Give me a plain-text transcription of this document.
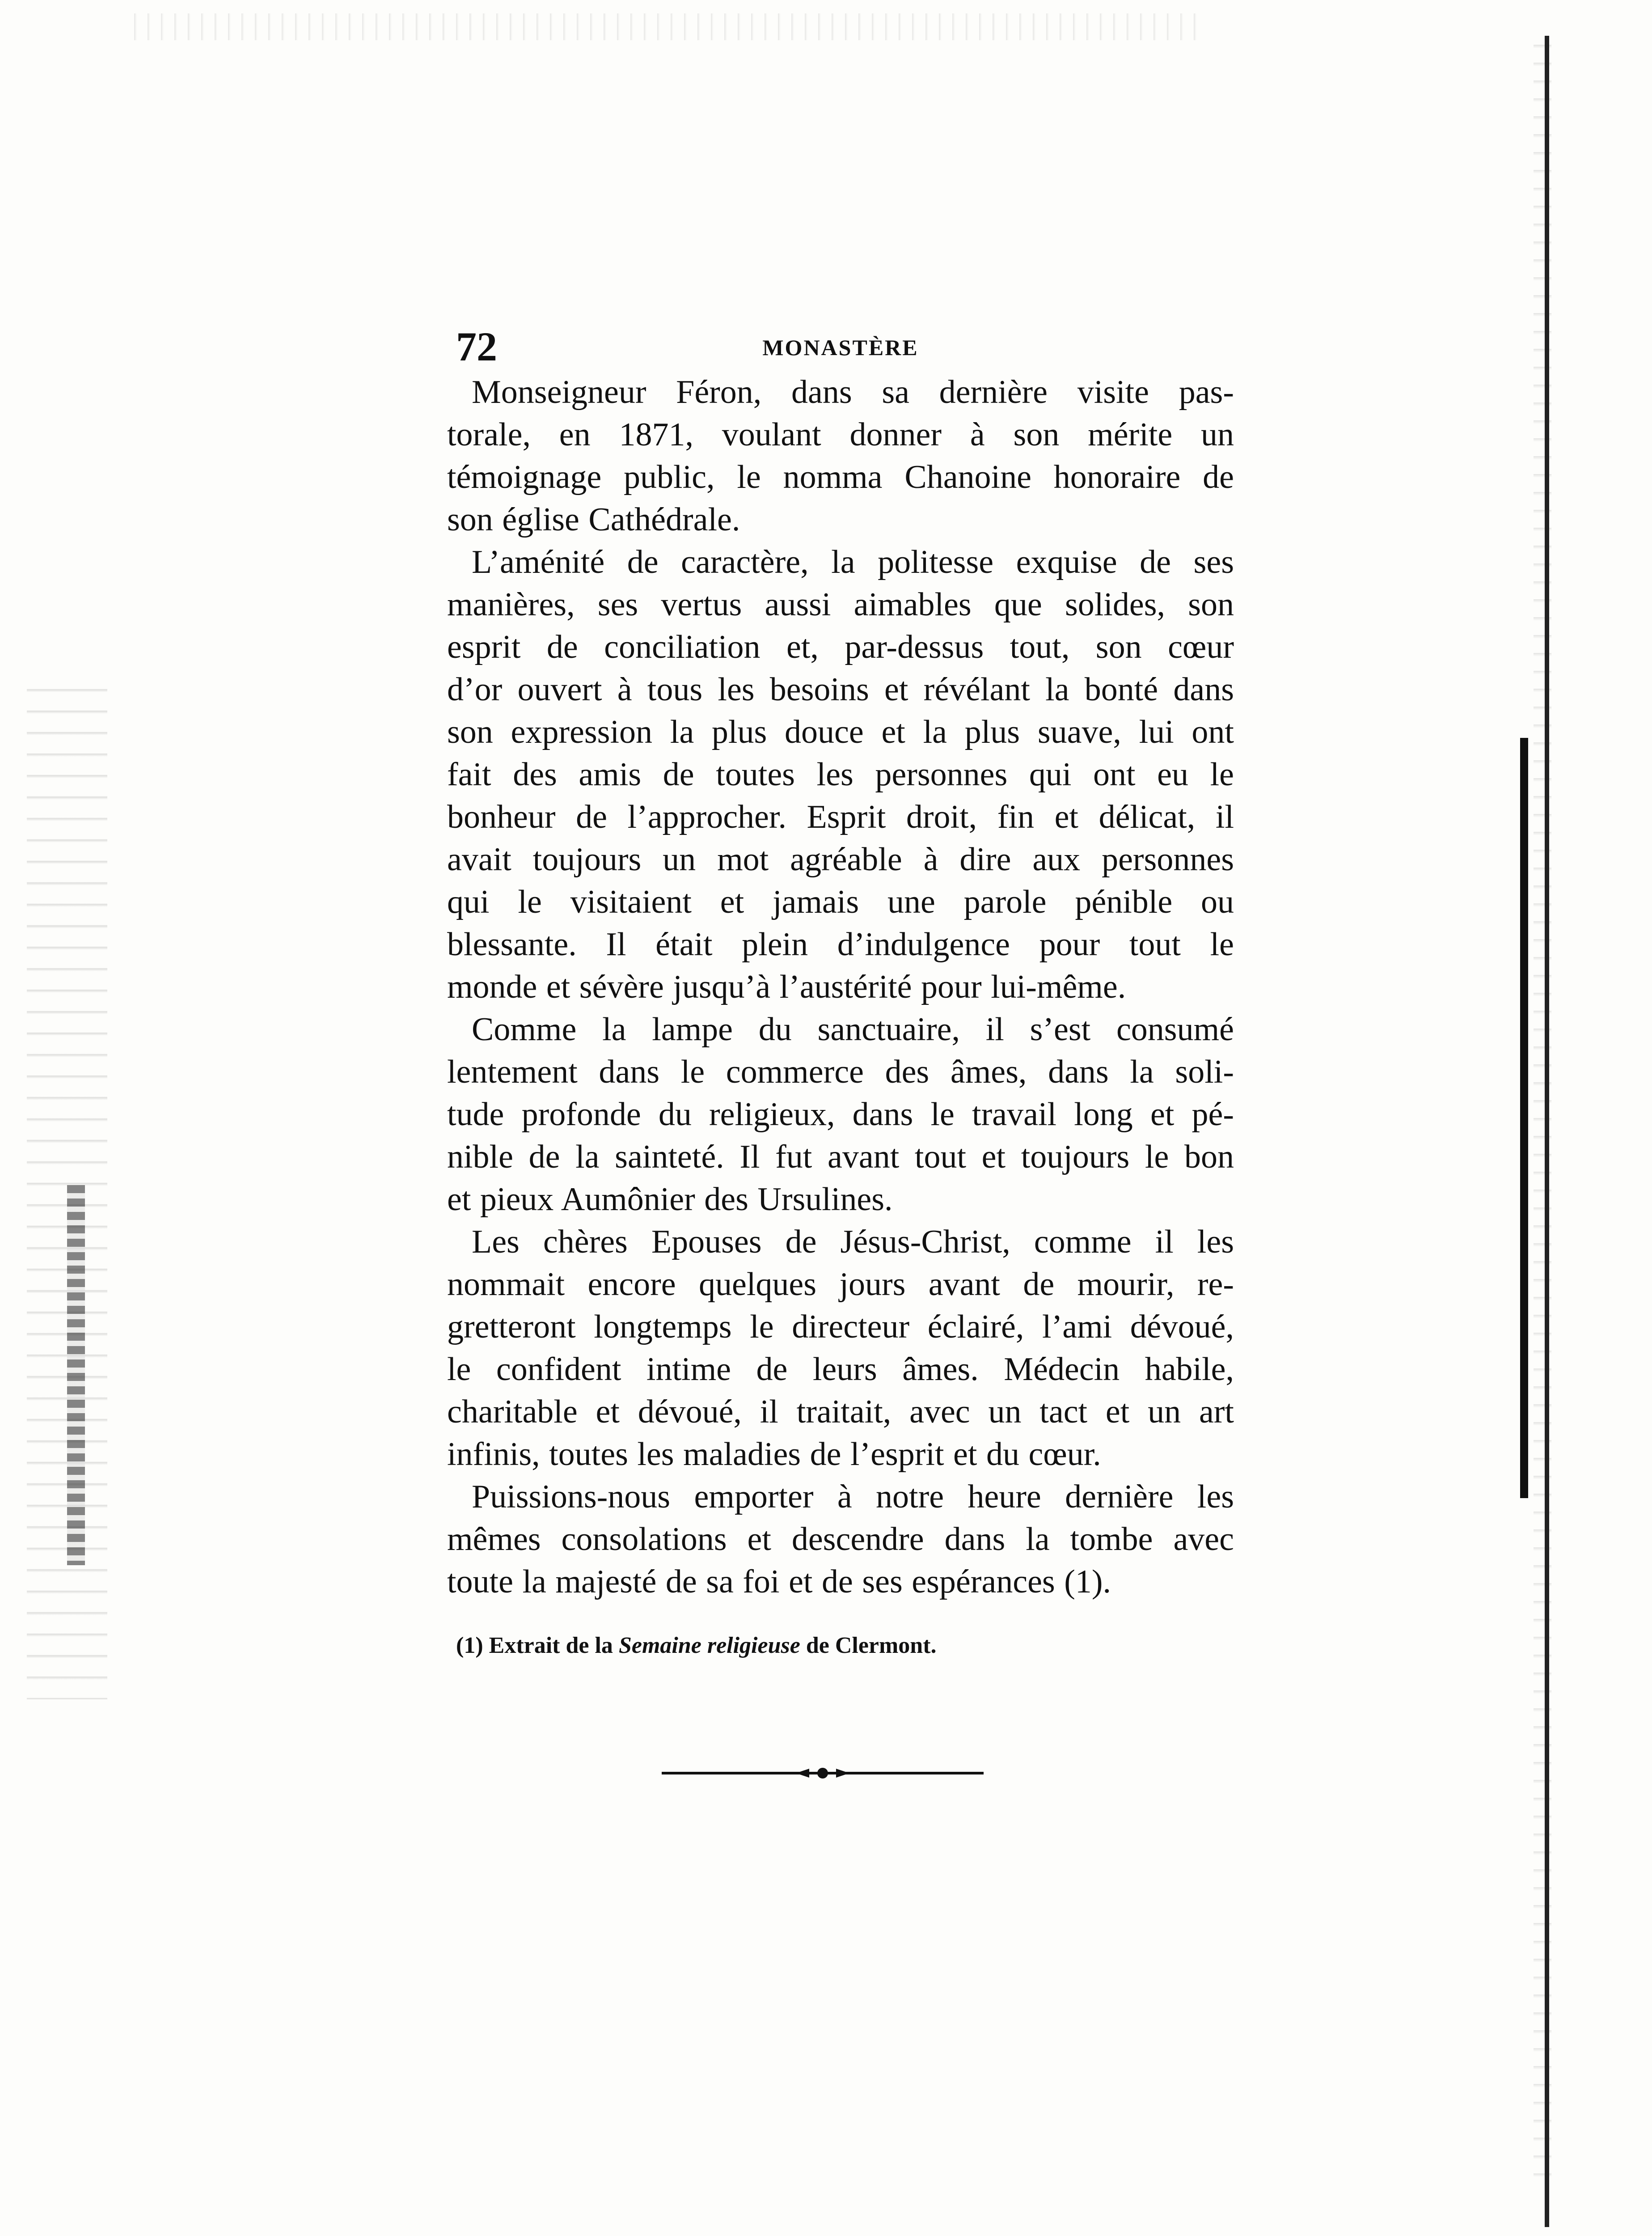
72	MONASTÈRE
Monseigneur Féron, dans sa dernière visite pas-
torale, en 1871, voulant donner à son mérite un
témoignage public, le nomma Chanoine honoraire de
son église Cathédrale.
L’aménité de caractère, la politesse exquise de ses
manières, ses vertus aussi aimables que solides, son
esprit de conciliation et, par-dessus tout, son cœur
d’or ouvert à tous les besoins et révélant la bonté dans
son expression la plus douce et la plus suave, lui ont
fait des amis de toutes les personnes qui ont eu le
bonheur de l’approcher. Esprit droit, fin et délicat, il
avait toujours un mot agréable à dire aux personnes
qui le visitaient et jamais une parole pénible ou
blessante. Il était plein d’indulgence pour tout le
monde et sévère jusqu’à l’austérité pour lui-même.
Comme la lampe du sanctuaire, il s’est consumé
lentement dans le commerce des âmes, dans la soli-
tude profonde du religieux, dans le travail long et pé-
nible de la sainteté. Il fut avant tout et toujours le bon
et pieux Aumônier des Ursulines.
Les chères Epouses de Jésus-Christ, comme il les
nommait encore quelques jours avant de mourir, re-
gretteront longtemps le directeur éclairé, l’ami dévoué,
le confident intime de leurs âmes. Médecin habile,
charitable et dévoué, il traitait, avec un tact et un art
infinis, toutes les maladies de l’esprit et du cœur.
Puissions-nous emporter à notre heure dernière les
mêmes consolations et descendre dans la tombe avec
toute la majesté de sa foi et de ses espérances (1).
(1) Extrait de la Semaine religieuse de Clermont.
